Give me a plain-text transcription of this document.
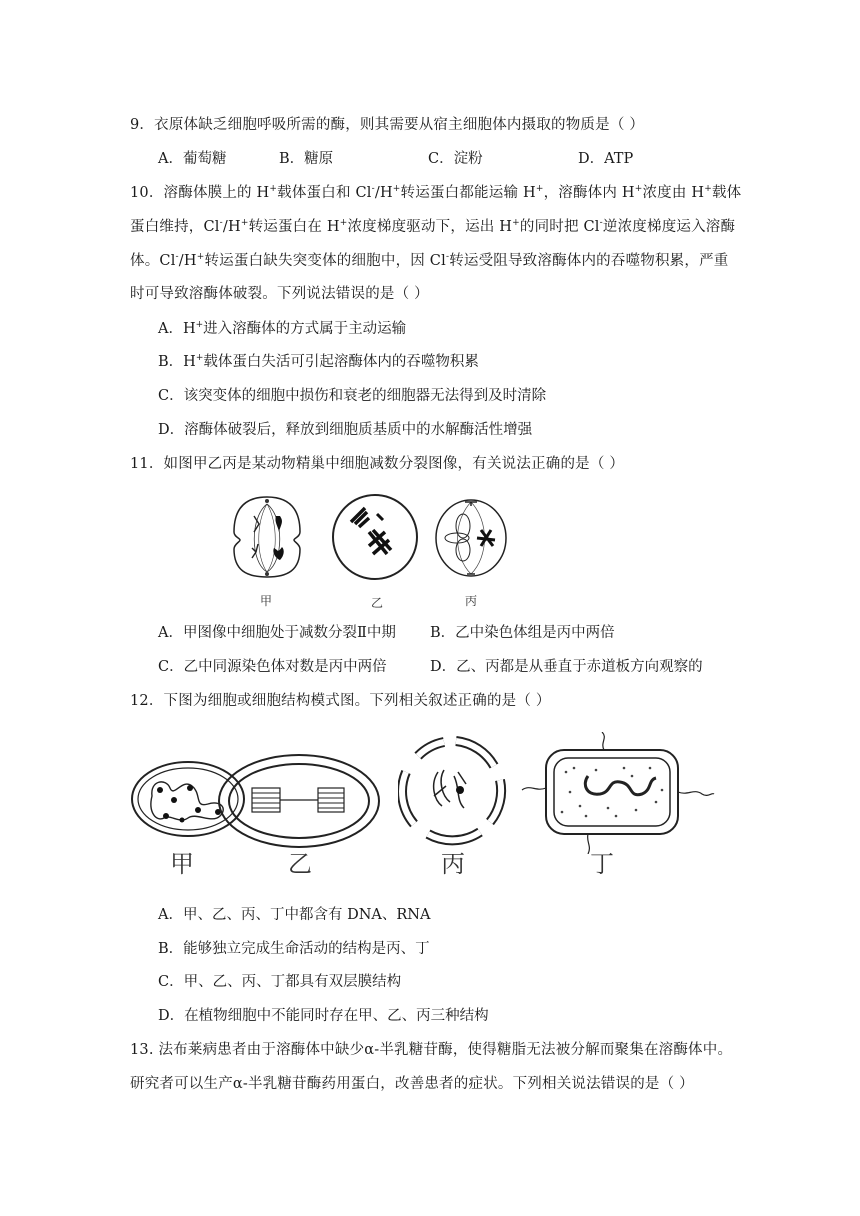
9．衣原体缺乏细胞呼吸所需的酶，则其需要从宿主细胞体内摄取的物质是（ ）
A．葡萄糖	B．糖原	C．淀粉	D．ATP
10．溶酶体膜上的 H+载体蛋白和 Cl-/H+转运蛋白都能运输 H+，溶酶体内 H+浓度由 H+载体
蛋白维持，Cl-/H+转运蛋白在 H+浓度梯度驱动下，运出 H+的同时把 Cl-逆浓度梯度运入溶酶
体。Cl-/H+转运蛋白缺失突变体的细胞中，因 Cl-转运受阻导致溶酶体内的吞噬物积累，严重
时可导致溶酶体破裂。下列说法错误的是（ ）
A．H+进入溶酶体的方式属于主动运输
B．H+载体蛋白失活可引起溶酶体内的吞噬物积累
C．该突变体的细胞中损伤和衰老的细胞器无法得到及时清除
D．溶酶体破裂后，释放到细胞质基质中的水解酶活性增强
11．如图甲乙丙是某动物精巢中细胞减数分裂图像，有关说法正确的是（ ）
甲	乙	丙
A．甲图像中细胞处于减数分裂Ⅱ中期 B．乙中染色体组是丙中两倍
C．乙中同源染色体对数是丙中两倍	D．乙、丙都是从垂直于赤道板方向观察的
12．下图为细胞或细胞结构模式图。下列相关叙述正确的是（ ）
甲	乙	丙	丁
A．甲、乙、丙、丁中都含有 DNA、RNA
B．能够独立完成生命活动的结构是丙、丁
C．甲、乙、丙、丁都具有双层膜结构
D．在植物细胞中不能同时存在甲、乙、丙三种结构
13. 法布莱病患者由于溶酶体中缺少α-半乳糖苷酶，使得糖脂无法被分解而聚集在溶酶体中。
研究者可以生产α-半乳糖苷酶药用蛋白，改善患者的症状。下列相关说法错误的是（ ）
